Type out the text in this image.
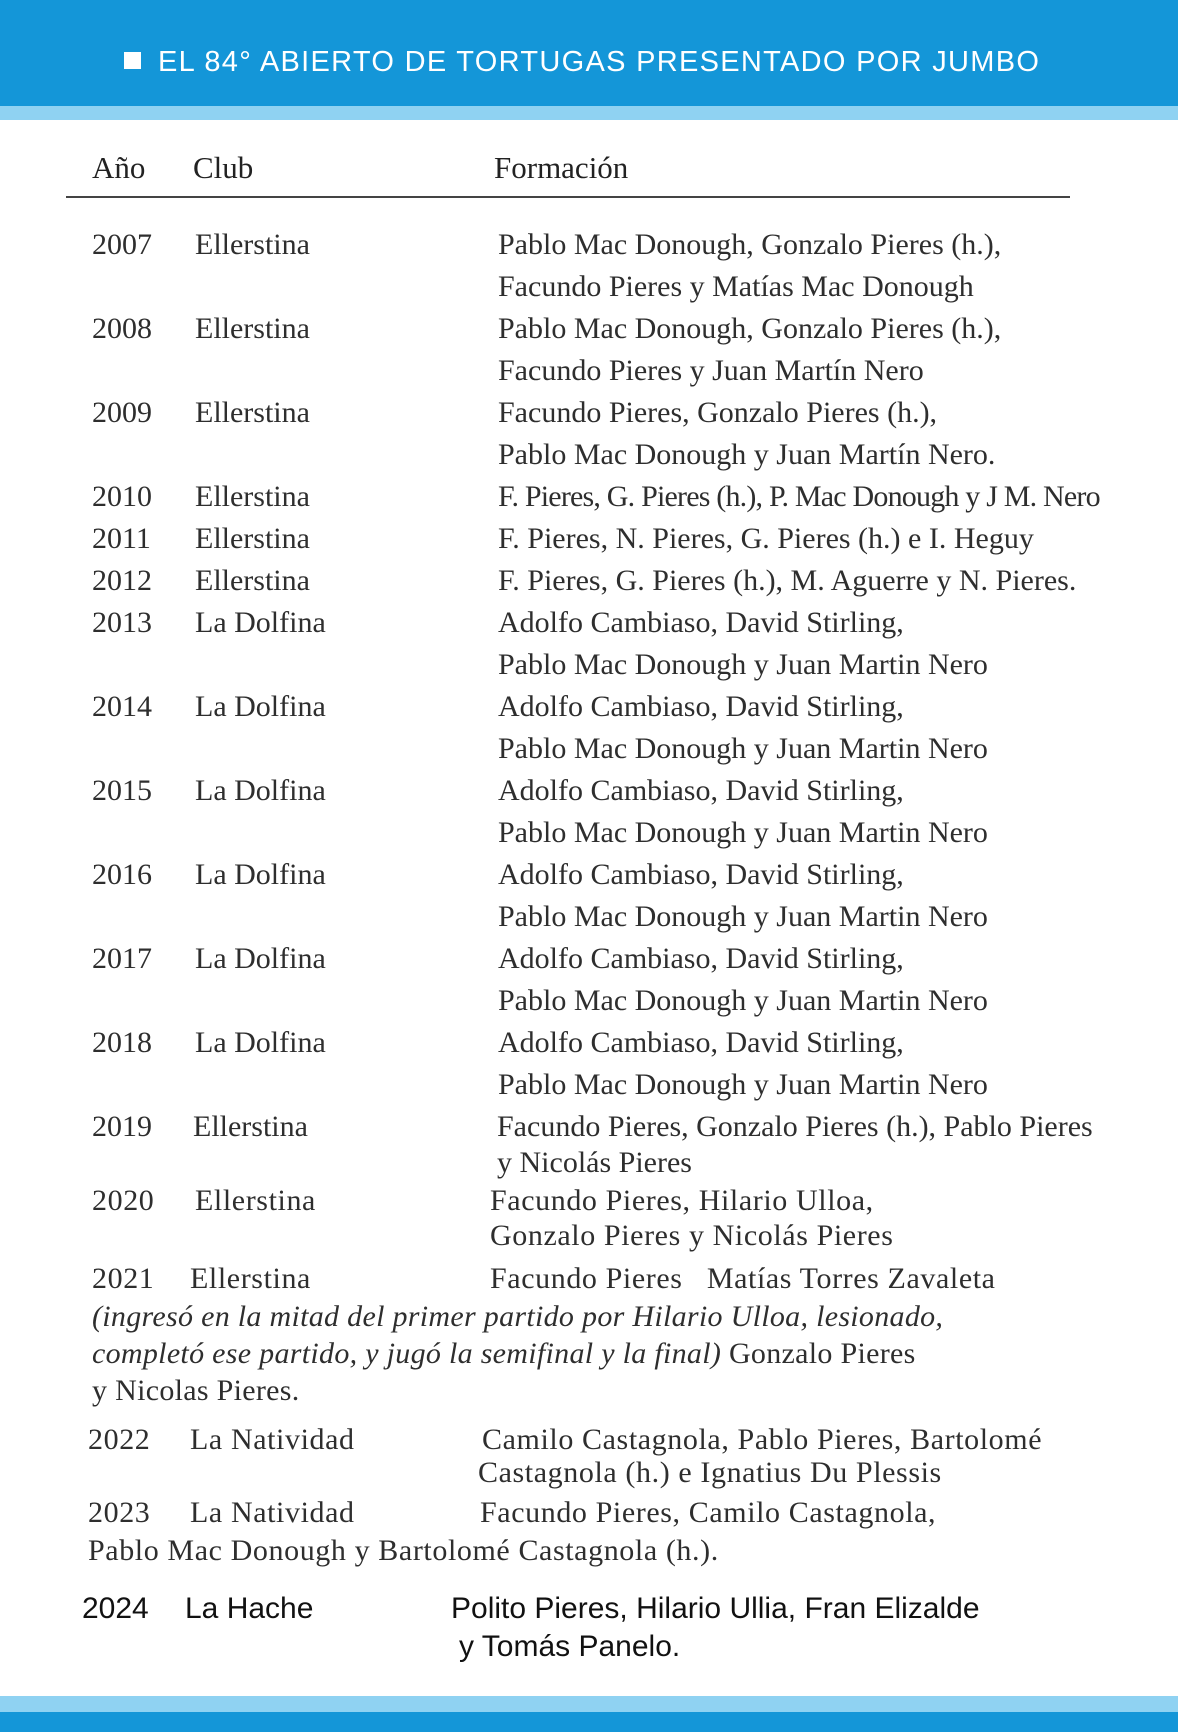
EL 84° ABIERTO DE TORTUGAS PRESENTADO POR JUMBO
Año Club	Formación
2007 Ellerstina	Pablo Mac Donough, Gonzalo Pieres (h.),
Facundo Pieres y Matías Mac Donough
2008 Ellerstina	Pablo Mac Donough, Gonzalo Pieres (h.),
Facundo Pieres y Juan Martín Nero
2009 Ellerstina	Facundo Pieres, Gonzalo Pieres (h.),
Pablo Mac Donough y Juan Martín Nero.
2010 Ellerstina	F. Pieres, G. Pieres (h.), P. Mac Donough y J M. Nero
2011 Ellerstina	F. Pieres, N. Pieres, G. Pieres (h.) e I. Heguy
2012 Ellerstina	F. Pieres, G. Pieres (h.), M. Aguerre y N. Pieres.
2013 La Dolfina	Adolfo Cambiaso, David Stirling,
Pablo Mac Donough y Juan Martin Nero
2014 La Dolfina	Adolfo Cambiaso, David Stirling,
Pablo Mac Donough y Juan Martin Nero
2015 La Dolfina	Adolfo Cambiaso, David Stirling,
Pablo Mac Donough y Juan Martin Nero
2016 La Dolfina	Adolfo Cambiaso, David Stirling,
Pablo Mac Donough y Juan Martin Nero
2017 La Dolfina	Adolfo Cambiaso, David Stirling,
Pablo Mac Donough y Juan Martin Nero
2018 La Dolfina	Adolfo Cambiaso, David Stirling,
Pablo Mac Donough y Juan Martin Nero
2019 Ellerstina	Facundo Pieres, Gonzalo Pieres (h.), Pablo Pieres
y Nicolás Pieres
2020 Ellerstina	Facundo Pieres, Hilario Ulloa,
Gonzalo Pieres y Nicolás Pieres
2021 Ellerstina	Facundo Pieres   Matías Torres Zavaleta
(ingresó en la mitad del primer partido por Hilario Ulloa, lesionado,
completó ese partido, y jugó la semifinal y la final) Gonzalo Pieres
y Nicolas Pieres.
2022 La Natividad	Camilo Castagnola, Pablo Pieres, Bartolomé
Castagnola (h.) e Ignatius Du Plessis
2023 La Natividad	Facundo Pieres, Camilo Castagnola,
Pablo Mac Donough y Bartolomé Castagnola (h.).
2024 La Hache	Polito Pieres, Hilario Ullia, Fran Elizalde
y Tomás Panelo.
